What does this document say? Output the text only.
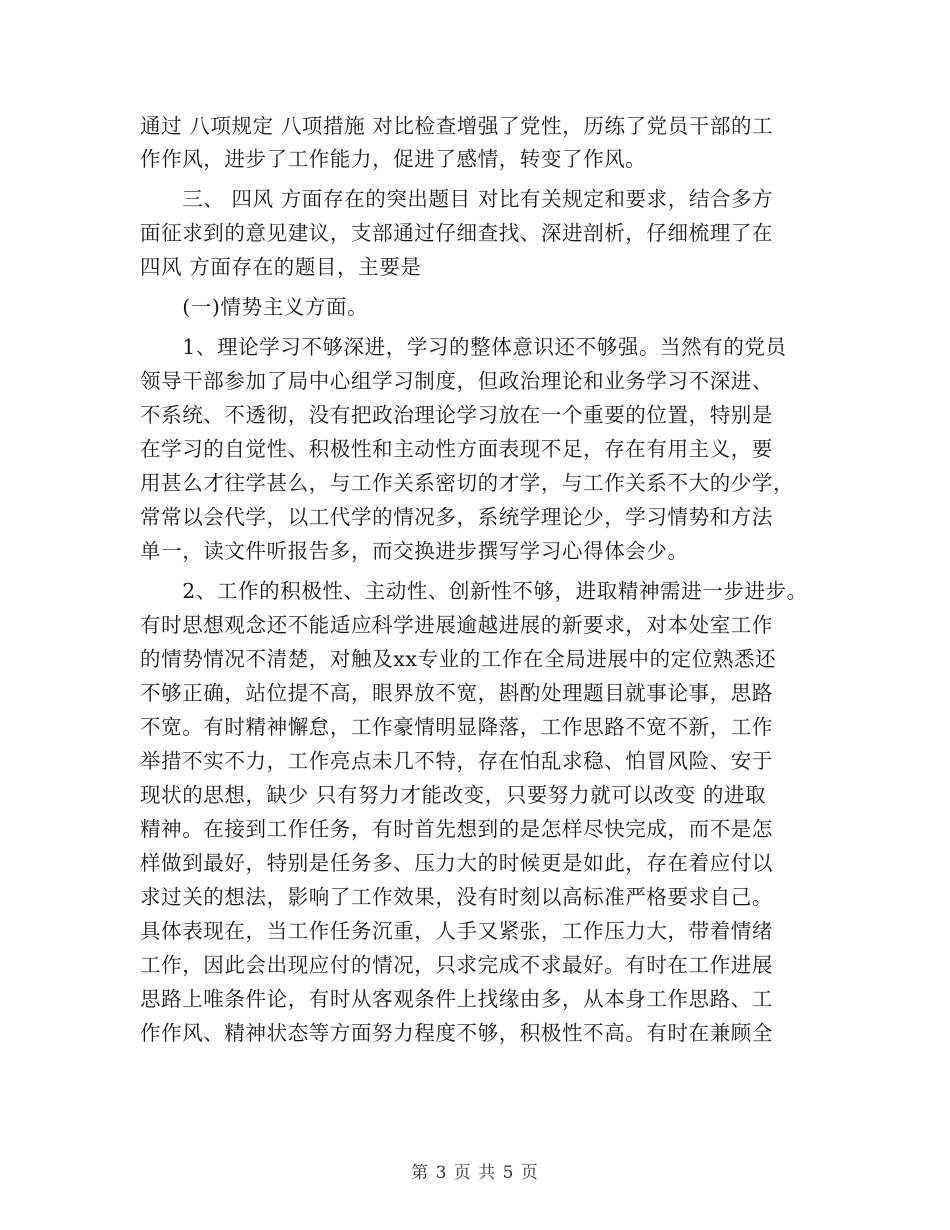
通过 八项规定 八项措施 对比检查增强了党性，历练了党员干部的工
作作风，进步了工作能力，促进了感情，转变了作风。
　　三、 四风 方面存在的突出题目 对比有关规定和要求，结合多方
面征求到的意见建议，支部通过仔细查找、深进剖析，仔细梳理了在
四风 方面存在的题目，主要是
　　(一)情势主义方面。
　　1、理论学习不够深进，学习的整体意识还不够强。当然有的党员
领导干部参加了局中心组学习制度，但政治理论和业务学习不深进、
不系统、不透彻，没有把政治理论学习放在一个重要的位置，特别是
在学习的自觉性、积极性和主动性方面表现不足，存在有用主义，要
用甚么才往学甚么，与工作关系密切的才学，与工作关系不大的少学，
常常以会代学，以工代学的情况多，系统学理论少，学习情势和方法
单一，读文件听报告多，而交换进步撰写学习心得体会少。
　　2、工作的积极性、主动性、创新性不够，进取精神需进一步进步。
有时思想观念还不能适应科学进展逾越进展的新要求，对本处室工作
的情势情况不清楚，对触及xx专业的工作在全局进展中的定位熟悉还
不够正确，站位提不高，眼界放不宽，斟酌处理题目就事论事，思路
不宽。有时精神懈怠，工作豪情明显降落，工作思路不宽不新，工作
举措不实不力，工作亮点未几不特，存在怕乱求稳、怕冒风险、安于
现状的思想，缺少 只有努力才能改变，只要努力就可以改变 的进取
精神。在接到工作任务，有时首先想到的是怎样尽快完成，而不是怎
样做到最好，特别是任务多、压力大的时候更是如此，存在着应付以
求过关的想法，影响了工作效果，没有时刻以高标准严格要求自己。
具体表现在，当工作任务沉重，人手又紧张，工作压力大，带着情绪
工作，因此会出现应付的情况，只求完成不求最好。有时在工作进展
思路上唯条件论，有时从客观条件上找缘由多，从本身工作思路、工
作作风、精神状态等方面努力程度不够，积极性不高。有时在兼顾全
第 3 页 共 5 页
